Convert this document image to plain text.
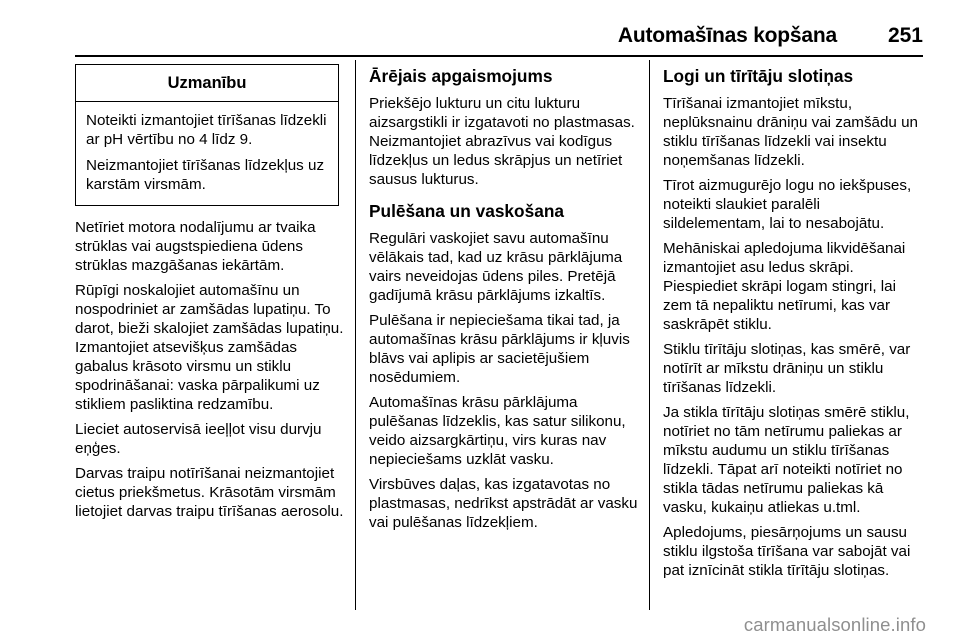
Automašīnas kopšana 251
Uzmanību

Noteikti izmantojiet tīrīšanas līdzekli ar pH vērtību no 4 līdz 9.

Neizmantojiet tīrīšanas līdzekļus uz karstām virsmām.

Netīriet motora nodalījumu ar tvaika strūklas vai augstspiediena ūdens strūklas mazgāšanas iekārtām.

Rūpīgi noskalojiet automašīnu un nospodriniet ar zamšādas lupatiņu. To darot, bieži skalojiet zamšādas lupatiņu. Izmantojiet atsevišķus zamšādas gabalus krāsoto virsmu un stiklu spodrināšanai: vaska pārpalikumi uz stikliem pasliktina redzamību.

Lieciet autoservisā ieeļļot visu durvju eņģes.

Darvas traipu notīrīšanai neizmantojiet cietus priekšmetus. Krāsotām virsmām lietojiet darvas traipu tīrīšanas aerosolu.

Ārējais apgaismojums

Priekšējo lukturu un citu lukturu aizsargstikli ir izgatavoti no plastmasas. Neizmantojiet abrazīvus vai kodīgus līdzekļus un ledus skrāpjus un netīriet sausus lukturus.

Pulēšana un vaskošana

Regulāri vaskojiet savu automašīnu vēlākais tad, kad uz krāsu pārklājuma vairs neveidojas ūdens piles. Pretējā gadījumā krāsu pārklājums izkaltīs.

Pulēšana ir nepieciešama tikai tad, ja automašīnas krāsu pārklājums ir kļuvis blāvs vai aplipis ar sacietējušiem nosēdumiem.

Automašīnas krāsu pārklājuma pulēšanas līdzeklis, kas satur silikonu, veido aizsargkārtiņu, virs kuras nav nepieciešams uzklāt vasku.

Virsbūves daļas, kas izgatavotas no plastmasas, nedrīkst apstrādāt ar vasku vai pulēšanas līdzekļiem.

Logi un tīrītāju slotiņas

Tīrīšanai izmantojiet mīkstu, neplūksnainu drāniņu vai zamšādu un stiklu tīrīšanas līdzekli vai insektu noņemšanas līdzekli.

Tīrot aizmugurējo logu no iekšpuses, noteikti slaukiet paralēli sildelementam, lai to nesabojātu.

Mehāniskai apledojuma likvidēšanai izmantojiet asu ledus skrāpi. Piespiediet skrāpi logam stingri, lai zem tā nepaliktu netīrumi, kas var saskrāpēt stiklu.

Stiklu tīrītāju slotiņas, kas smērē, var notīrīt ar mīkstu drāniņu un stiklu tīrīšanas līdzekli.

Ja stikla tīrītāju slotiņas smērē stiklu, notīriet no tām netīrumu paliekas ar mīkstu audumu un stiklu tīrīšanas līdzekli. Tāpat arī noteikti notīriet no stikla tādas netīrumu paliekas kā vasku, kukaiņu atliekas u.tml.

Apledojums, piesārņojums un sausu stiklu ilgstoša tīrīšana var sabojāt vai pat iznīcināt stikla tīrītāju slotiņas.

carmanualsonline.info
